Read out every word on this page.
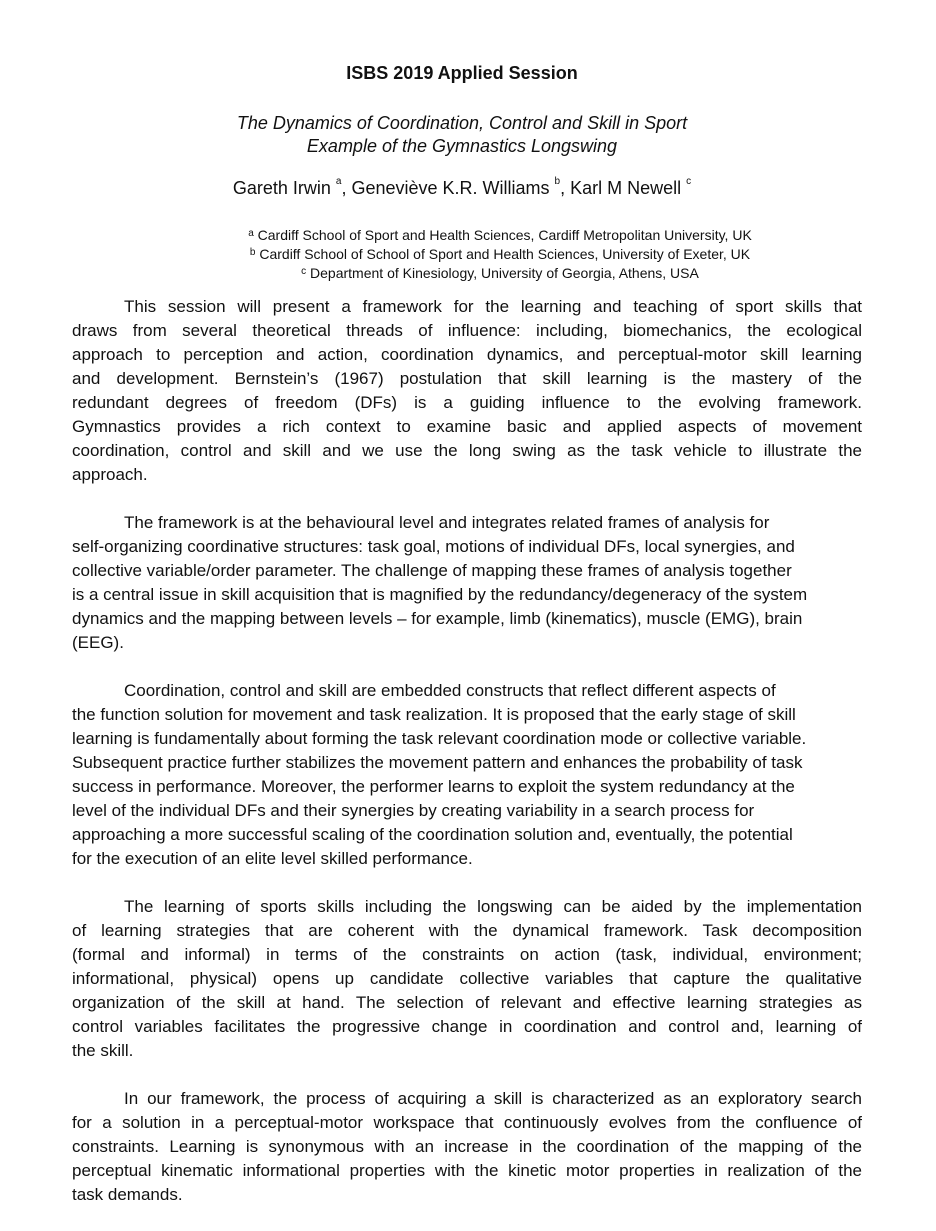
ISBS 2019 Applied Session
The Dynamics of Coordination, Control and Skill in Sport
Example of the Gymnastics Longswing
Gareth Irwin $^a$, Geneviève K.R. Williams $^b$, Karl M Newell $^c$
$^a$ Cardiff School of Sport and Health Sciences, Cardiff Metropolitan University, UK
$^b$ Cardiff School of School of Sport and Health Sciences, University of Exeter, UK
$^c$ Department of Kinesiology, University of Georgia, Athens, USA
This session will present a framework for the learning and teaching of sport skills that
draws from several theoretical threads of influence: including, biomechanics, the ecological
approach to perception and action, coordination dynamics, and perceptual-motor skill learning
and development. Bernstein’s (1967) postulation that skill learning is the mastery of the
redundant degrees of freedom (DFs) is a guiding influence to the evolving framework.
Gymnastics provides a rich context to examine basic and applied aspects of movement
coordination, control and skill and we use the long swing as the task vehicle to illustrate the
approach.
The framework is at the behavioural level and integrates related frames of analysis for
self-organizing coordinative structures: task goal, motions of individual DFs, local synergies, and
collective variable/order parameter. The challenge of mapping these frames of analysis together
is a central issue in skill acquisition that is magnified by the redundancy/degeneracy of the system
dynamics and the mapping between levels – for example, limb (kinematics), muscle (EMG), brain
(EEG).
Coordination, control and skill are embedded constructs that reflect different aspects of
the function solution for movement and task realization. It is proposed that the early stage of skill
learning is fundamentally about forming the task relevant coordination mode or collective variable.
Subsequent practice further stabilizes the movement pattern and enhances the probability of task
success in performance. Moreover, the performer learns to exploit the system redundancy at the
level of the individual DFs and their synergies by creating variability in a search process for
approaching a more successful scaling of the coordination solution and, eventually, the potential
for the execution of an elite level skilled performance.
The learning of sports skills including the longswing can be aided by the implementation
of learning strategies that are coherent with the dynamical framework. Task decomposition
(formal and informal) in terms of the constraints on action (task, individual, environment;
informational, physical) opens up candidate collective variables that capture the qualitative
organization of the skill at hand. The selection of relevant and effective learning strategies as
control variables facilitates the progressive change in coordination and control and, learning of
the skill.
In our framework, the process of acquiring a skill is characterized as an exploratory search
for a solution in a perceptual-motor workspace that continuously evolves from the confluence of
constraints. Learning is synonymous with an increase in the coordination of the mapping of the
perceptual kinematic informational properties with the kinetic motor properties in realization of the
task demands.
